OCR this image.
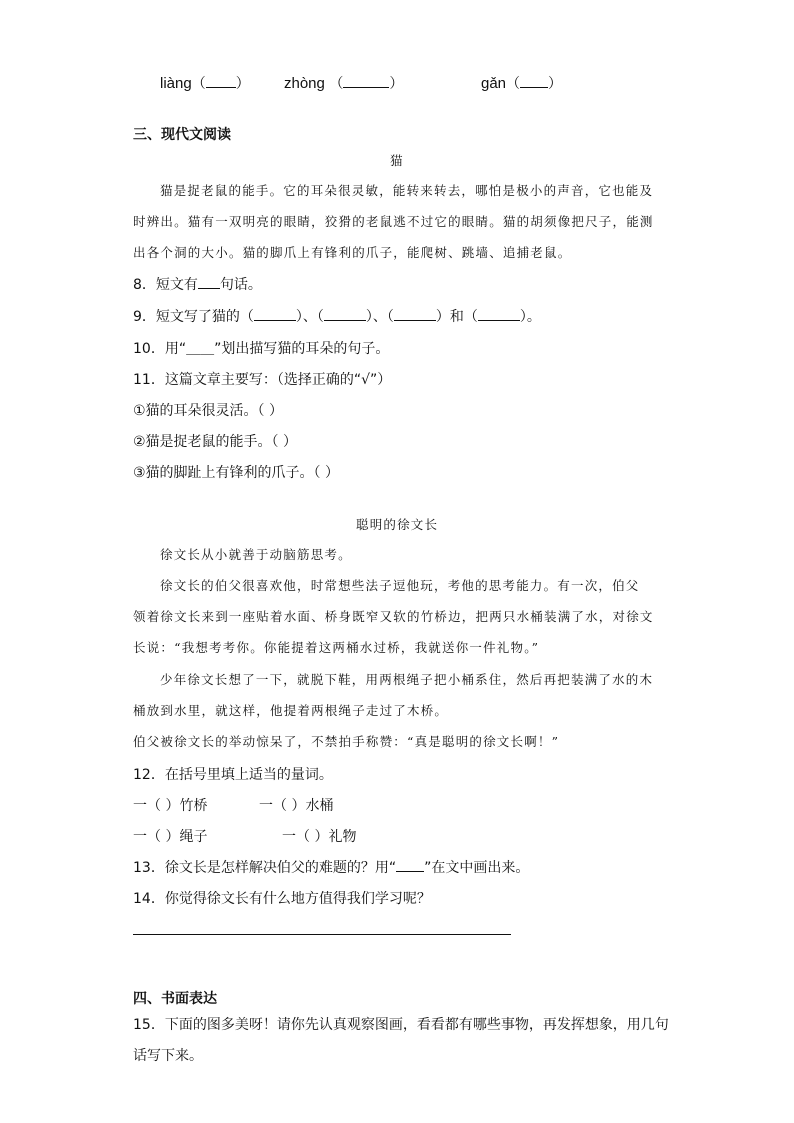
liàng（ ） zhòng （	）	gǎn（ ）
三、现代文阅读
猫
猫是捉老鼠的能手。它的耳朵很灵敏，能转来转去，哪怕是极小的声音，它也能及
时辨出。猫有一双明亮的眼睛，狡猾的老鼠逃不过它的眼睛。猫的胡须像把尺子，能测
出各个洞的大小。猫的脚爪上有锋利的爪子，能爬树、跳墙、追捕老鼠。
8．短文有 句话。
9．短文写了猫的（	）、（	）、（	）和（	）。
10．用“＿＿”划出描写猫的耳朵的句子。
11．这篇文章主要写：（选择正确的“√”）
①猫的耳朵很灵活。（ ）
②猫是捉老鼠的能手。（ ）
③猫的脚趾上有锋利的爪子。（ ）
聪明的徐文长
徐文长从小就善于动脑筋思考。
徐文长的伯父很喜欢他，时常想些法子逗他玩，考他的思考能力。有一次，伯父
领着徐文长来到一座贴着水面、桥身既窄又软的竹桥边，把两只水桶装满了水，对徐文
长说：“我想考考你。你能提着这两桶水过桥，我就送你一件礼物。”
少年徐文长想了一下，就脱下鞋，用两根绳子把小桶系住，然后再把装满了水的木
桶放到水里，就这样，他提着两根绳子走过了木桥。
伯父被徐文长的举动惊呆了，不禁拍手称赞：“真是聪明的徐文长啊！”
12．在括号里填上适当的量词。
一（ ）竹桥	一（ ）水桶
一（ ）绳子	一（ ）礼物
13．徐文长是怎样解决伯父的难题的？用“ ”在文中画出来。
14．你觉得徐文长有什么地方值得我们学习呢？
四、书面表达
15．下面的图多美呀！请你先认真观察图画，看看都有哪些事物，再发挥想象，用几句
话写下来。
